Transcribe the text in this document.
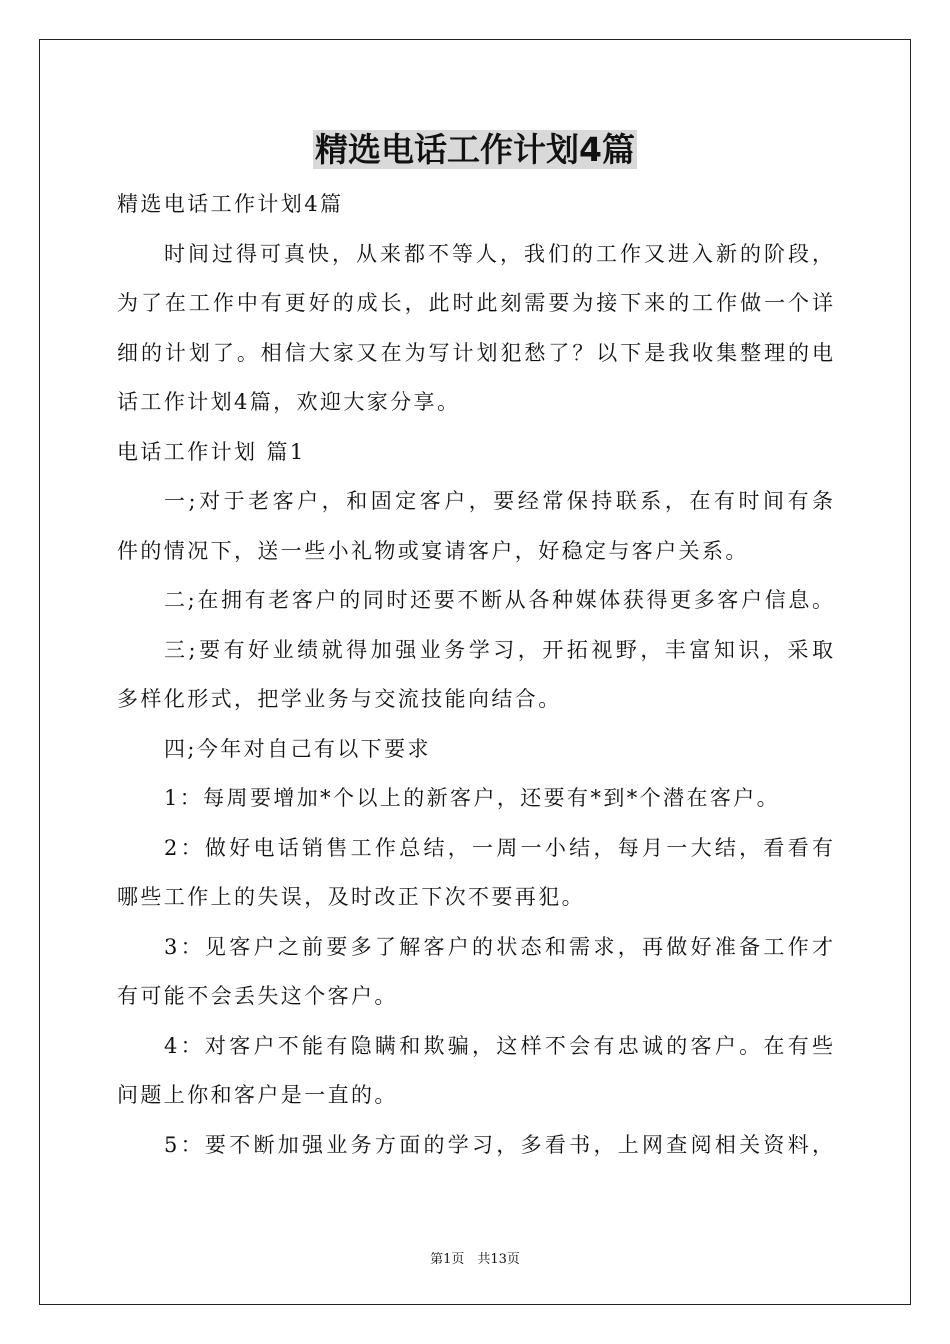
精选电话工作计划4篇
精选电话工作计划4篇
时间过得可真快，从来都不等人，我们的工作又进入新的阶段，
为了在工作中有更好的成长，此时此刻需要为接下来的工作做一个详
细的计划了。相信大家又在为写计划犯愁了？以下是我收集整理的电
话工作计划4篇，欢迎大家分享。
电话工作计划 篇1
一;对于老客户，和固定客户，要经常保持联系，在有时间有条
件的情况下，送一些小礼物或宴请客户，好稳定与客户关系。
二;在拥有老客户的同时还要不断从各种媒体获得更多客户信息。
三;要有好业绩就得加强业务学习，开拓视野，丰富知识，采取
多样化形式，把学业务与交流技能向结合。
四;今年对自己有以下要求
1：每周要增加*个以上的新客户，还要有*到*个潜在客户。
2：做好电话销售工作总结，一周一小结，每月一大结，看看有
哪些工作上的失误，及时改正下次不要再犯。
3：见客户之前要多了解客户的状态和需求，再做好准备工作才
有可能不会丢失这个客户。
4：对客户不能有隐瞒和欺骗，这样不会有忠诚的客户。在有些
问题上你和客户是一直的。
5：要不断加强业务方面的学习，多看书，上网查阅相关资料，
第1页　共13页
